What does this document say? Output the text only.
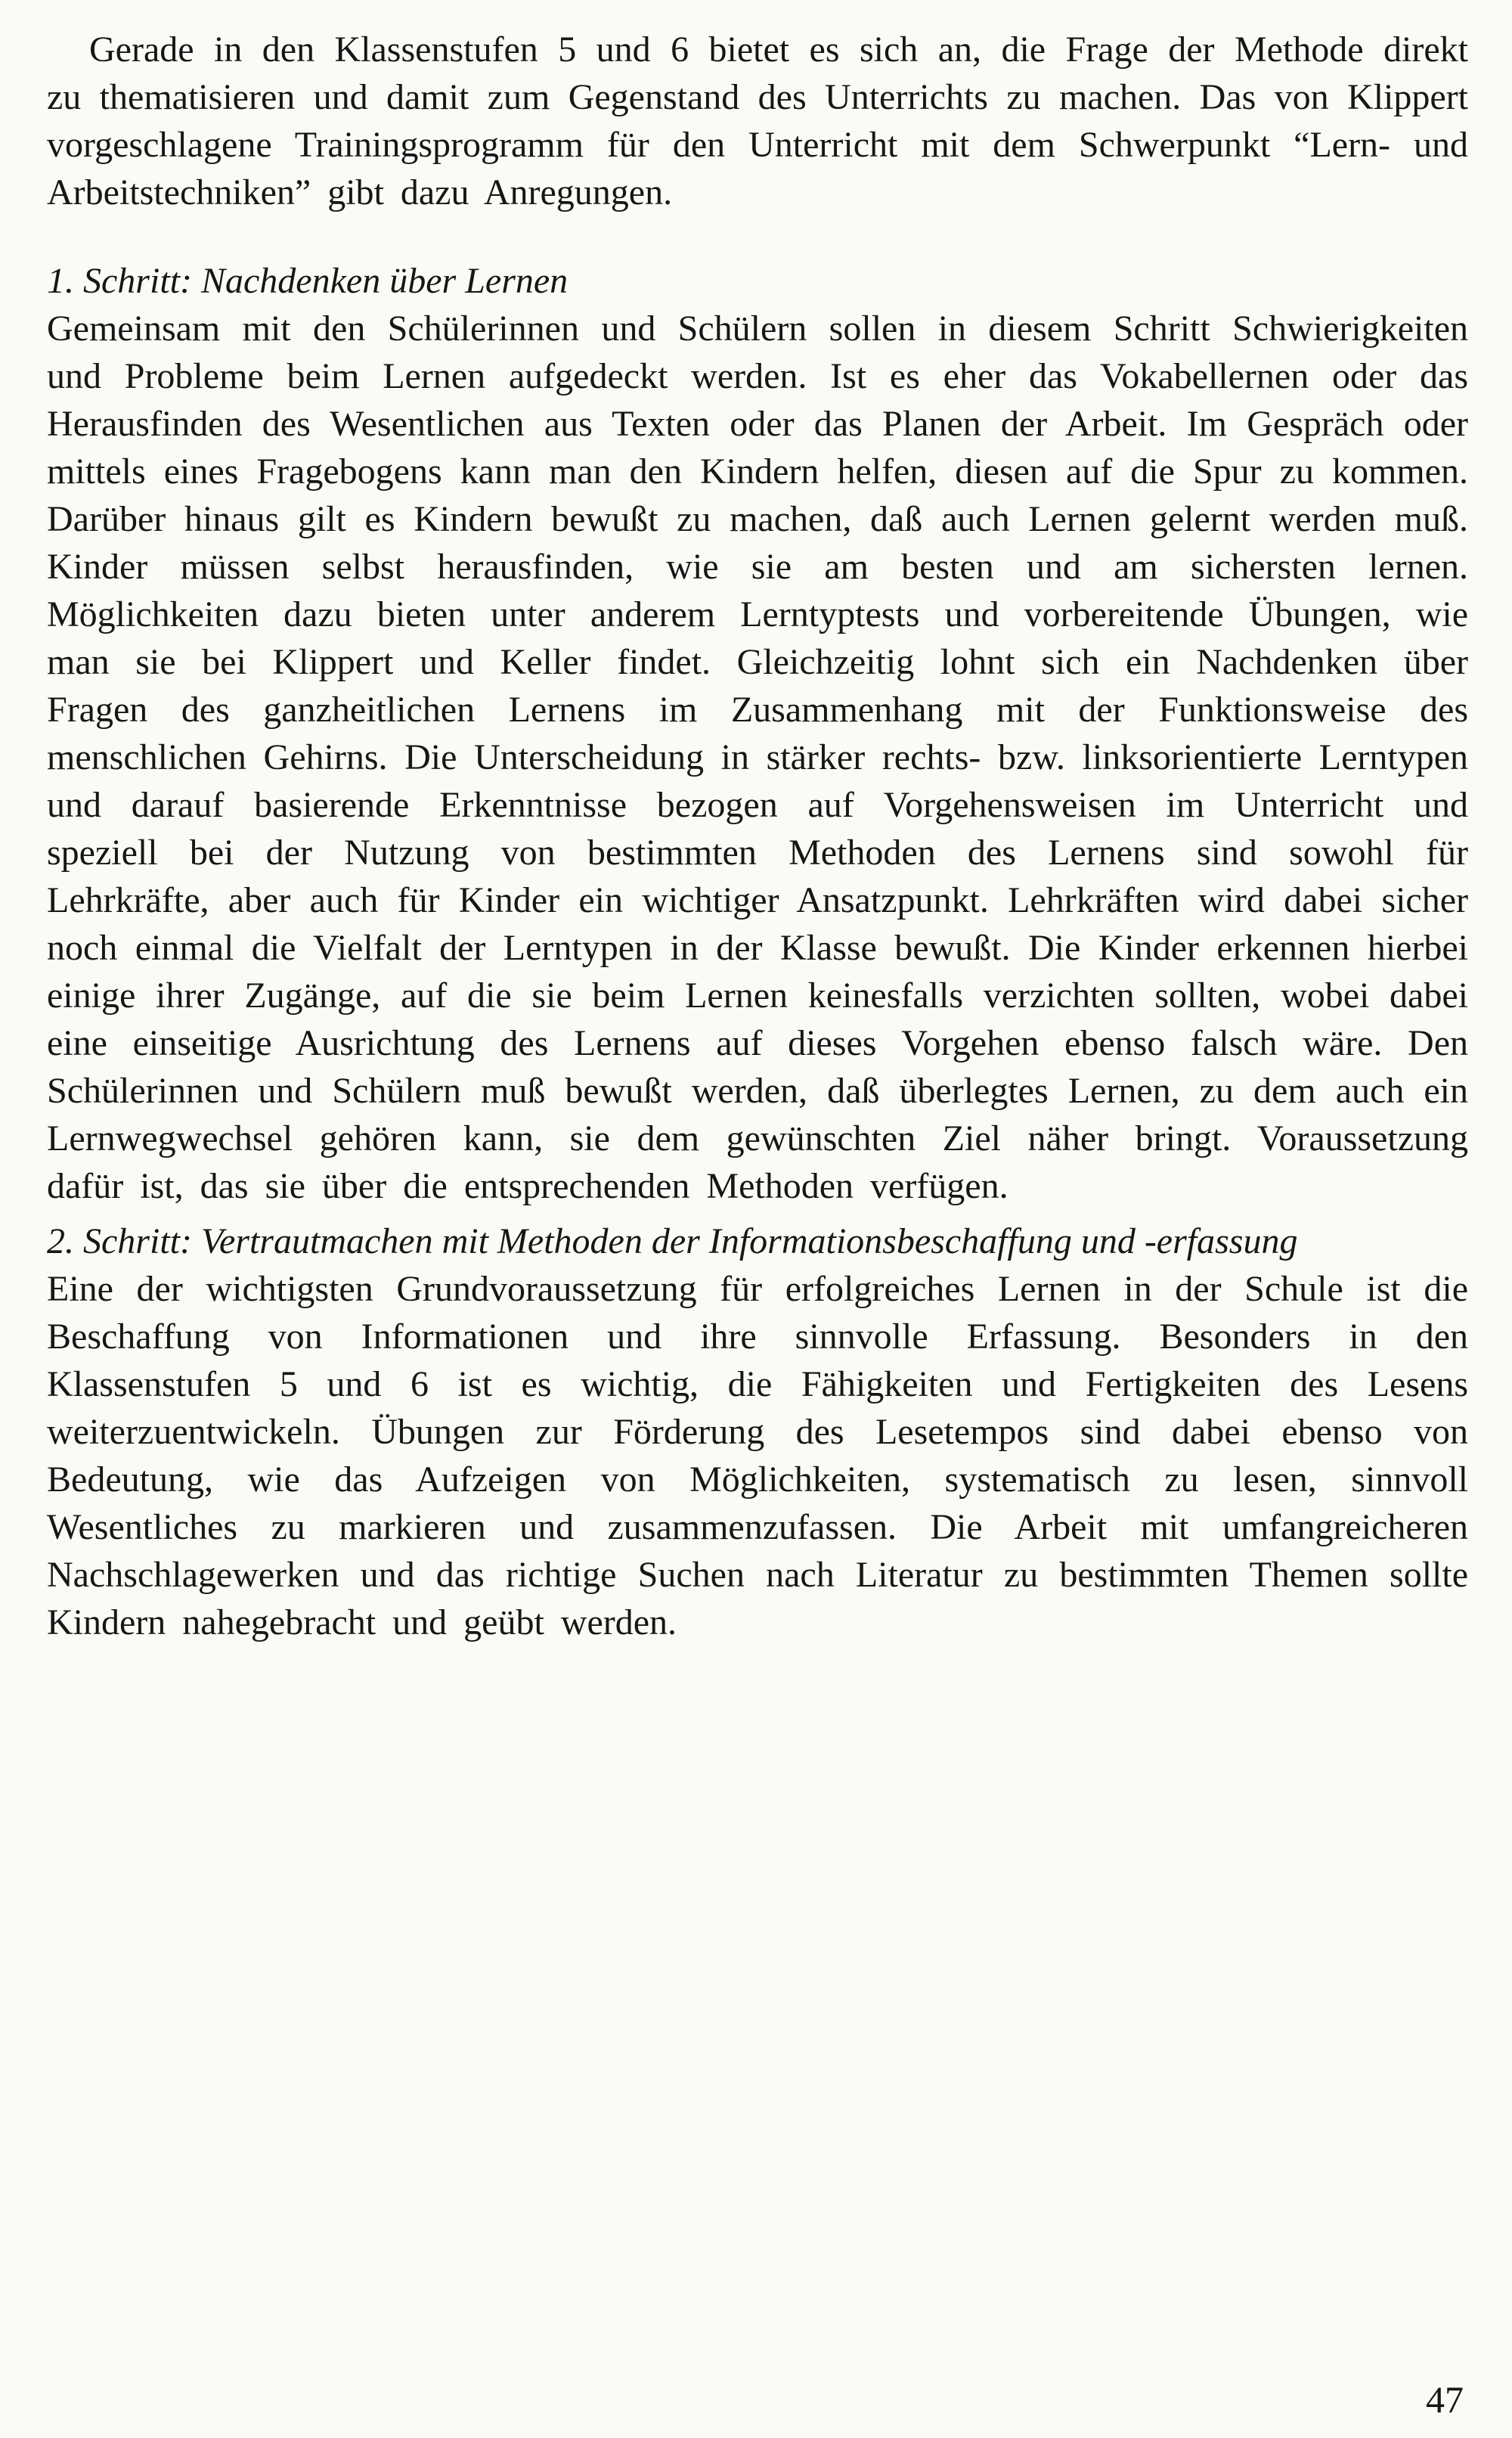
Gerade in den Klassenstufen 5 und 6 bietet es sich an, die Frage der Methode direkt zu thematisieren und damit zum Gegenstand des Unterrichts zu machen. Das von Klippert vorgeschlagene Trainingsprogramm für den Unterricht mit dem Schwerpunkt “Lern- und Arbeitstechniken” gibt dazu Anregungen.

1. Schritt: Nachdenken über Lernen

Gemeinsam mit den Schülerinnen und Schülern sollen in diesem Schritt Schwierigkeiten und Probleme beim Lernen aufgedeckt werden. Ist es eher das Vokabellernen oder das Herausfinden des Wesentlichen aus Texten oder das Planen der Arbeit. Im Gespräch oder mittels eines Fragebogens kann man den Kindern helfen, diesen auf die Spur zu kommen. Darüber hinaus gilt es Kindern bewußt zu machen, daß auch Lernen gelernt werden muß. Kinder müssen selbst herausfinden, wie sie am besten und am sichersten lernen. Möglichkeiten dazu bieten unter anderem Lerntyptests und vorbereitende Übungen, wie man sie bei Klippert und Keller findet. Gleichzeitig lohnt sich ein Nachdenken über Fragen des ganzheitlichen Lernens im Zusammenhang mit der Funktionsweise des menschlichen Gehirns. Die Unterscheidung in stärker rechts- bzw. linksorientierte Lerntypen und darauf basierende Erkenntnisse bezogen auf Vorgehensweisen im Unterricht und speziell bei der Nutzung von bestimmten Methoden des Lernens sind sowohl für Lehrkräfte, aber auch für Kinder ein wichtiger Ansatzpunkt. Lehrkräften wird dabei sicher noch einmal die Vielfalt der Lerntypen in der Klasse bewußt. Die Kinder erkennen hierbei einige ihrer Zugänge, auf die sie beim Lernen keinesfalls verzichten sollten, wobei dabei eine einseitige Ausrichtung des Lernens auf dieses Vorgehen ebenso falsch wäre. Den Schülerinnen und Schülern muß bewußt werden, daß überlegtes Lernen, zu dem auch ein Lernwegwechsel gehören kann, sie dem gewünschten Ziel näher bringt. Voraussetzung dafür ist, das sie über die entsprechenden Methoden verfügen.

2. Schritt: Vertrautmachen mit Methoden der Informationsbeschaffung und -erfassung

Eine der wichtigsten Grundvoraussetzung für erfolgreiches Lernen in der Schule ist die Beschaffung von Informationen und ihre sinnvolle Erfassung. Besonders in den Klassenstufen 5 und 6 ist es wichtig, die Fähigkeiten und Fertigkeiten des Lesens weiterzuentwickeln. Übungen zur Förderung des Lesetempos sind dabei ebenso von Bedeutung, wie das Aufzeigen von Möglichkeiten, systematisch zu lesen, sinnvoll Wesentliches zu markieren und zusammenzufassen. Die Arbeit mit umfangreicheren Nachschlagewerken und das richtige Suchen nach Literatur zu bestimmten Themen sollte Kindern nahegebracht und geübt werden.

47
